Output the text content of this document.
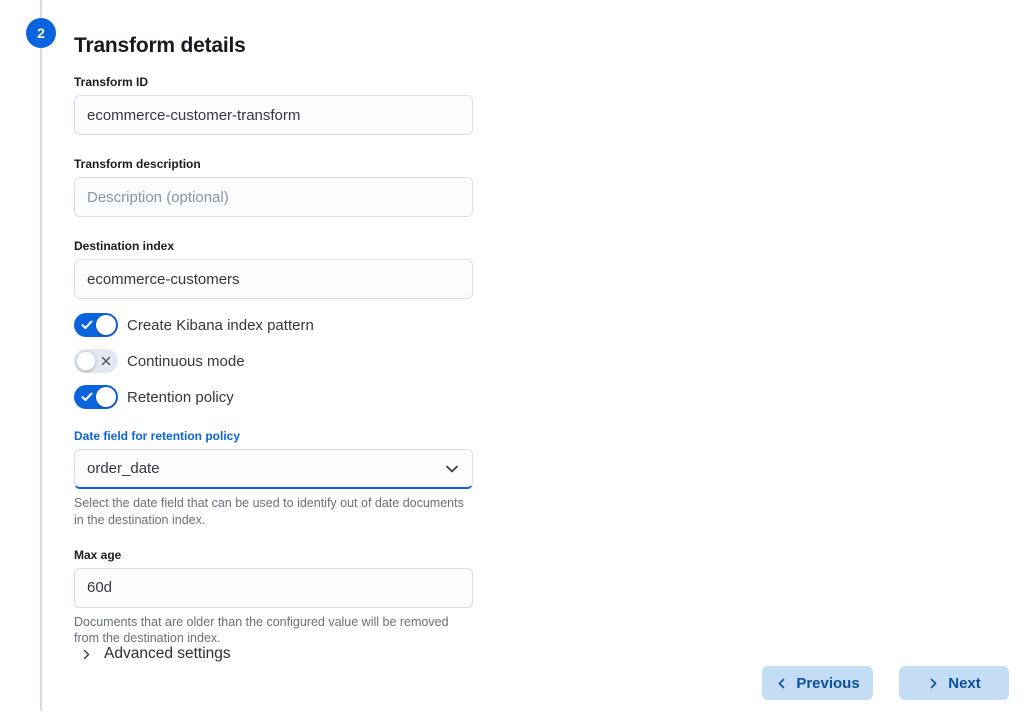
2
Transform details
Transform ID
ecommerce-customer-transform
Transform description
Description (optional)
Destination index
ecommerce-customers
Create Kibana index pattern
Continuous mode
Retention policy
Date field for retention policy
order_date
Select the date field that can be used to identify out of date documents in the destination index.
Max age
60d
Documents that are older than the configured value will be removed from the destination index.
Advanced settings
Previous	Next
